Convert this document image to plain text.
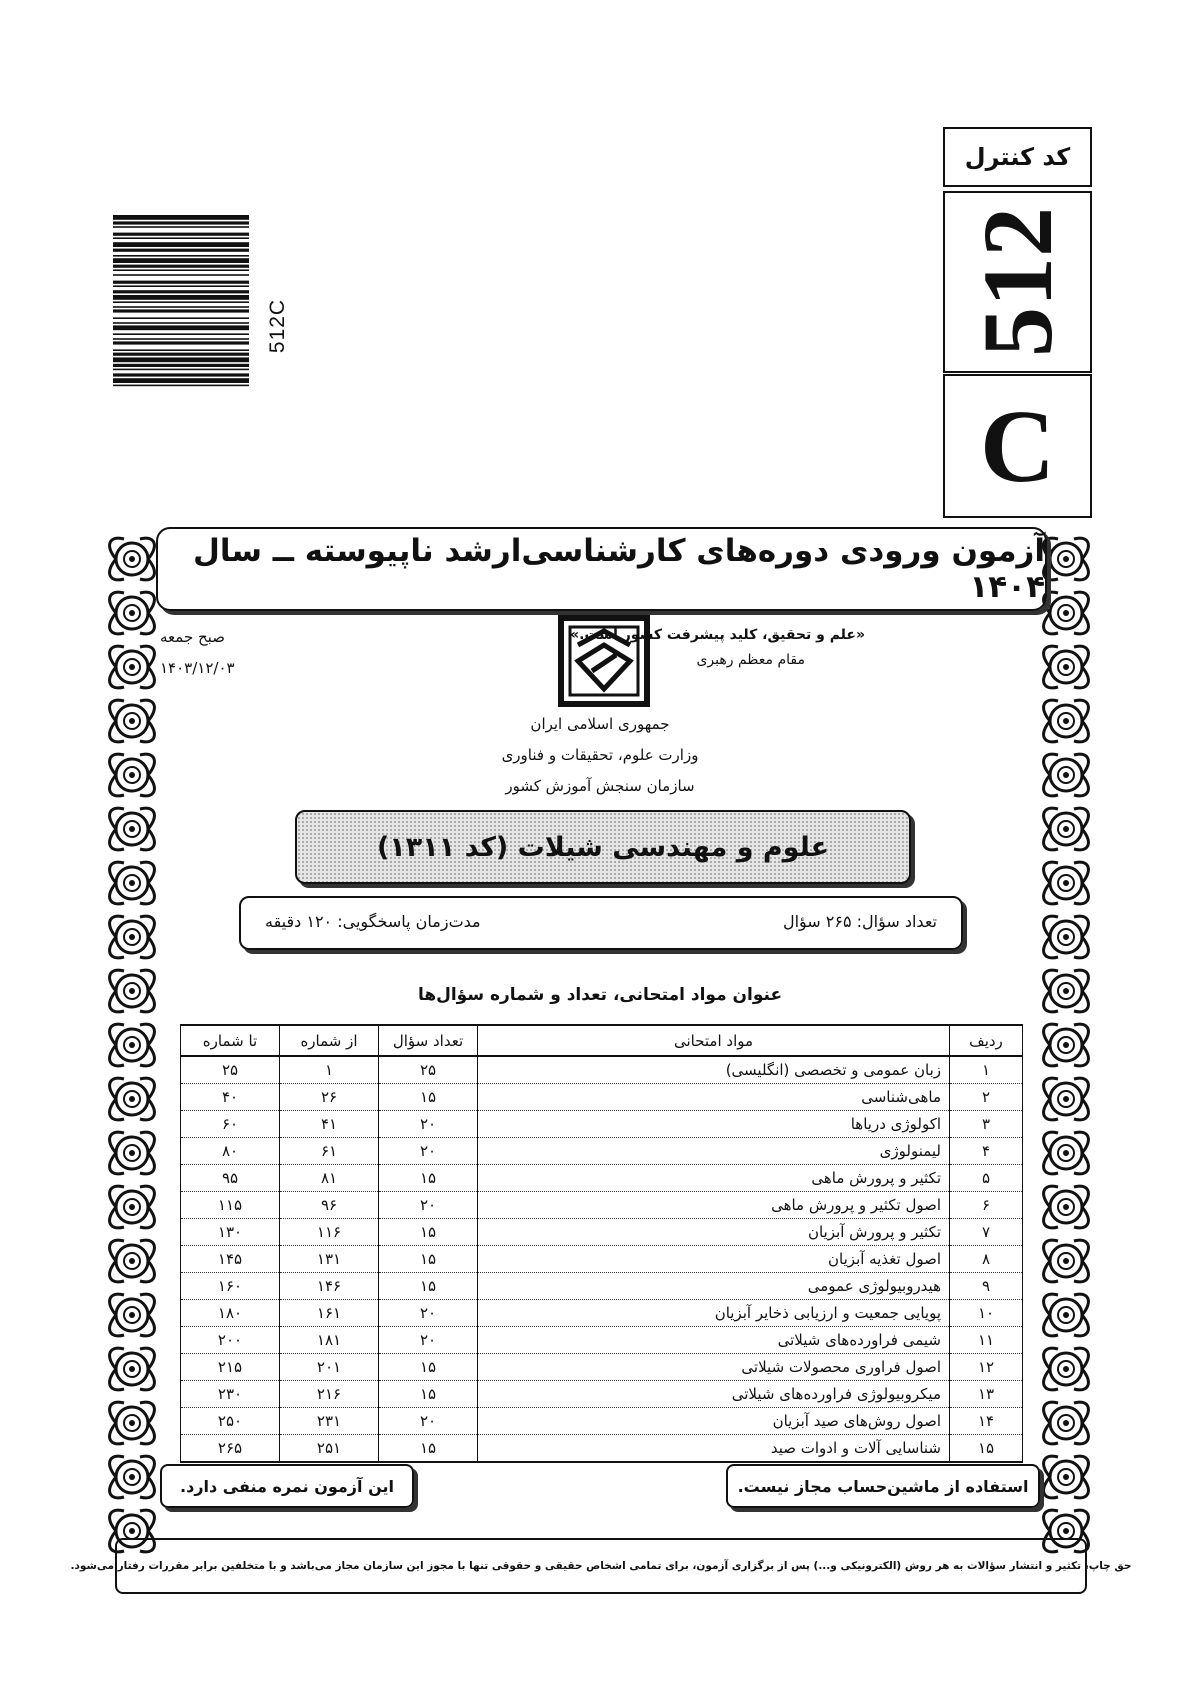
کد کنترل
512
C
512C
آزمون ورودی دوره‌های کارشناسی‌ارشد ناپیوسته ــ سال ۱۴۰۴
«علم و تحقیق، کلید پیشرفت کشور است.»
مقام معظم رهبری
صبح جمعه
۱۴۰۳/۱۲/۰۳
جمهوری اسلامی ایران
وزارت علوم، تحقیقات و فناوری
سازمان سنجش آموزش کشور
علوم و مهندسی شیلات (کد ۱۳۱۱)
تعداد سؤال: ۲۶۵ سؤال
مدت‌زمان پاسخگویی: ۱۲۰ دقیقه
عنوان مواد امتحانی، تعداد و شماره سؤال‌ها
ردیف	مواد امتحانی	تعداد سؤال	از شماره	تا شماره
۱	زبان عمومی و تخصصی (انگلیسی)	۲۵	۱	۲۵
۲	ماهی‌شناسی	۱۵	۲۶	۴۰
۳	اکولوژی دریاها	۲۰	۴۱	۶۰
۴	لیمنولوژی	۲۰	۶۱	۸۰
۵	تکثیر و پرورش ماهی	۱۵	۸۱	۹۵
۶	اصول تکثیر و پرورش ماهی	۲۰	۹۶	۱۱۵
۷	تکثیر و پرورش آبزیان	۱۵	۱۱۶	۱۳۰
۸	اصول تغذیه آبزیان	۱۵	۱۳۱	۱۴۵
۹	هیدروبیولوژی عمومی	۱۵	۱۴۶	۱۶۰
۱۰	پویایی جمعیت و ارزیابی ذخایر آبزیان	۲۰	۱۶۱	۱۸۰
۱۱	شیمی فراورده‌های شیلاتی	۲۰	۱۸۱	۲۰۰
۱۲	اصول فراوری محصولات شیلاتی	۱۵	۲۰۱	۲۱۵
۱۳	میکروبیولوژی فراورده‌های شیلاتی	۱۵	۲۱۶	۲۳۰
۱۴	اصول روش‌های صید آبزیان	۲۰	۲۳۱	۲۵۰
۱۵	شناسایی آلات و ادوات صید	۱۵	۲۵۱	۲۶۵
استفاده از ماشین‌حساب مجاز نیست.
این آزمون نمره منفی دارد.
حق چاپ، تکثیر و انتشار سؤالات به هر روش (الکترونیکی و...) پس از برگزاری آزمون، برای تمامی اشخاص حقیقی و حقوقی تنها با مجوز این سازمان مجاز می‌باشد و با متخلفین برابر مقررات رفتار می‌شود.
